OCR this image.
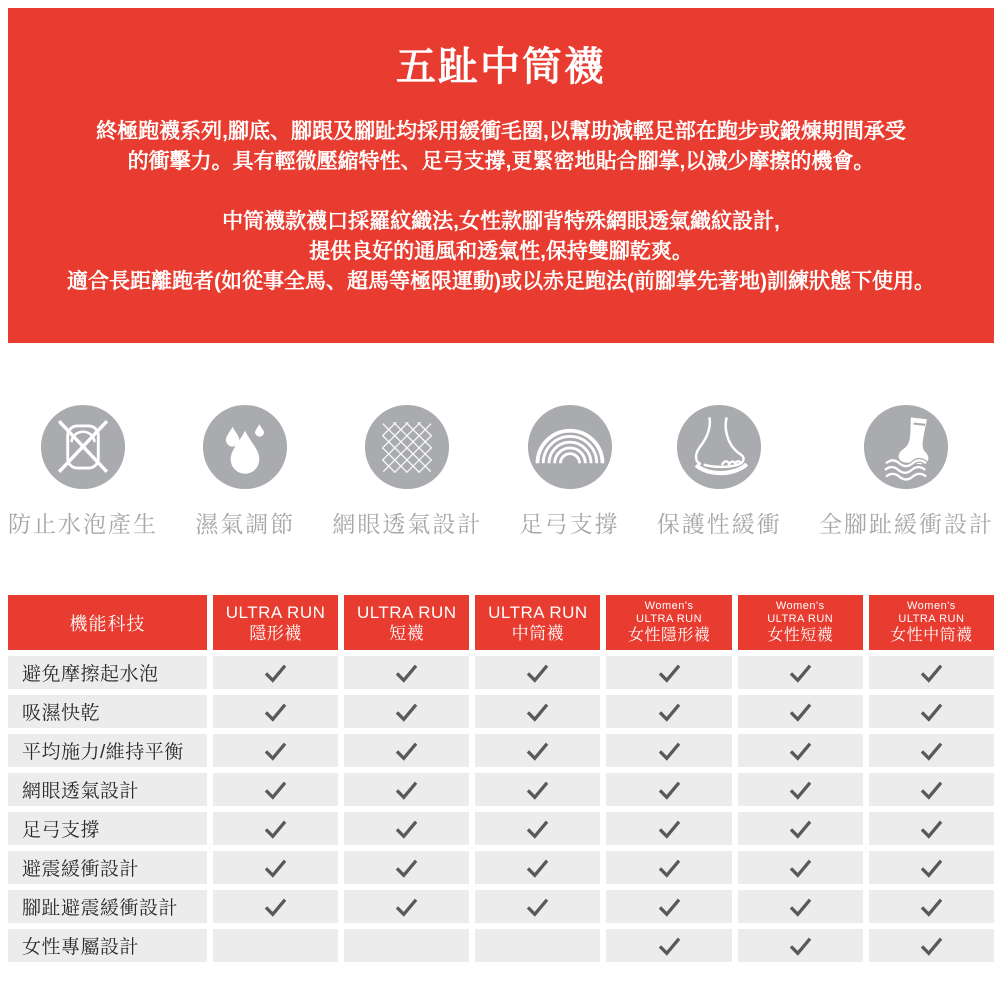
五趾中筒襪
終極跑襪系列,腳底、腳跟及腳趾均採用緩衝毛圈,以幫助減輕足部在跑步或鍛煉期間承受
的衝擊力。具有輕微壓縮特性、足弓支撐,更緊密地貼合腳掌,以減少摩擦的機會。
中筒襪款襪口採羅紋織法,女性款腳背特殊網眼透氣織紋設計,
提供良好的通風和透氣性,保持雙腳乾爽。
適合長距離跑者(如從事全馬、超馬等極限運動)或以赤足跑法(前腳掌先著地)訓練狀態下使用。
防止水泡產生 濕氣調節 網眼透氣設計 足弓支撐 保護性緩衝 全腳趾緩衝設計
機能科技
ULTRA RUN
隱形襪
ULTRA RUN
短襪
ULTRA RUN
中筒襪
Women's
ULTRA RUN
女性隱形襪
Women's
ULTRA RUN
女性短襪
Women's
ULTRA RUN
女性中筒襪
避免摩擦起水泡
吸濕快乾
平均施力/維持平衡
網眼透氣設計
足弓支撐
避震緩衝設計
腳趾避震緩衝設計
女性專屬設計
